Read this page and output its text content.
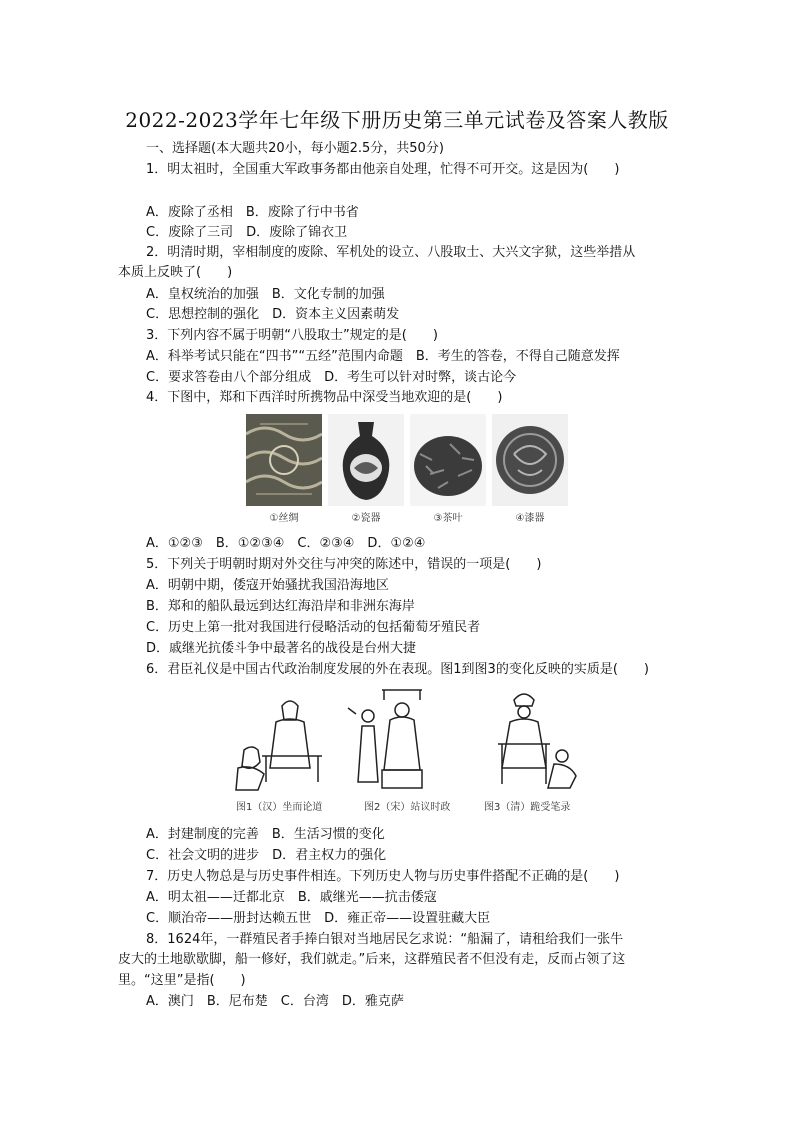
2022-2023学年七年级下册历史第三单元试卷及答案人教版
一、选择题(本大题共20小，每小题2.5分，共50分)
1．明太祖时，全国重大军政事务都由他亲自处理，忙得不可开交。这是因为(　　)
A．废除了丞相　B．废除了行中书省
C．废除了三司　D．废除了锦衣卫
2．明清时期，宰相制度的废除、军机处的设立、八股取士、大兴文字狱，这些举措从
本质上反映了(　　)
A．皇权统治的加强　B．文化专制的加强
C．思想控制的强化　D．资本主义因素萌发
3．下列内容不属于明朝“八股取士”规定的是(　　)
A．科举考试只能在“四书”“五经”范围内命题　B．考生的答卷，不得自己随意发挥
C．要求答卷由八个部分组成　D．考生可以针对时弊，谈古论今
4．下图中，郑和下西洋时所携物品中深受当地欢迎的是(　　)
①丝绸	②瓷器	③茶叶	④漆器
A．①②③　B．①②③④　C．②③④　D．①②④
5．下列关于明朝时期对外交往与冲突的陈述中，错误的一项是(　　)
A．明朝中期，倭寇开始骚扰我国沿海地区
B．郑和的船队最远到达红海沿岸和非洲东海岸
C．历史上第一批对我国进行侵略活动的包括葡萄牙殖民者
D．戚继光抗倭斗争中最著名的战役是台州大捷
6．君臣礼仪是中国古代政治制度发展的外在表现。图1到图3的变化反映的实质是(　　)
图1（汉）坐而论道	图2（宋）站议时政	图3（清）跪受笔录
A．封建制度的完善　B．生活习惯的变化
C．社会文明的进步　D．君主权力的强化
7．历史人物总是与历史事件相连。下列历史人物与历史事件搭配不正确的是(　　)
A．明太祖——迁都北京　B．戚继光——抗击倭寇
C．顺治帝——册封达赖五世　D．雍正帝——设置驻藏大臣
8．1624年，一群殖民者手捧白银对当地居民乞求说：“船漏了，请租给我们一张牛
皮大的土地歇歇脚，船一修好，我们就走。”后来，这群殖民者不但没有走，反而占领了这
里。“这里”是指(　　)
A．澳门　B．尼布楚　C．台湾　D．雅克萨
